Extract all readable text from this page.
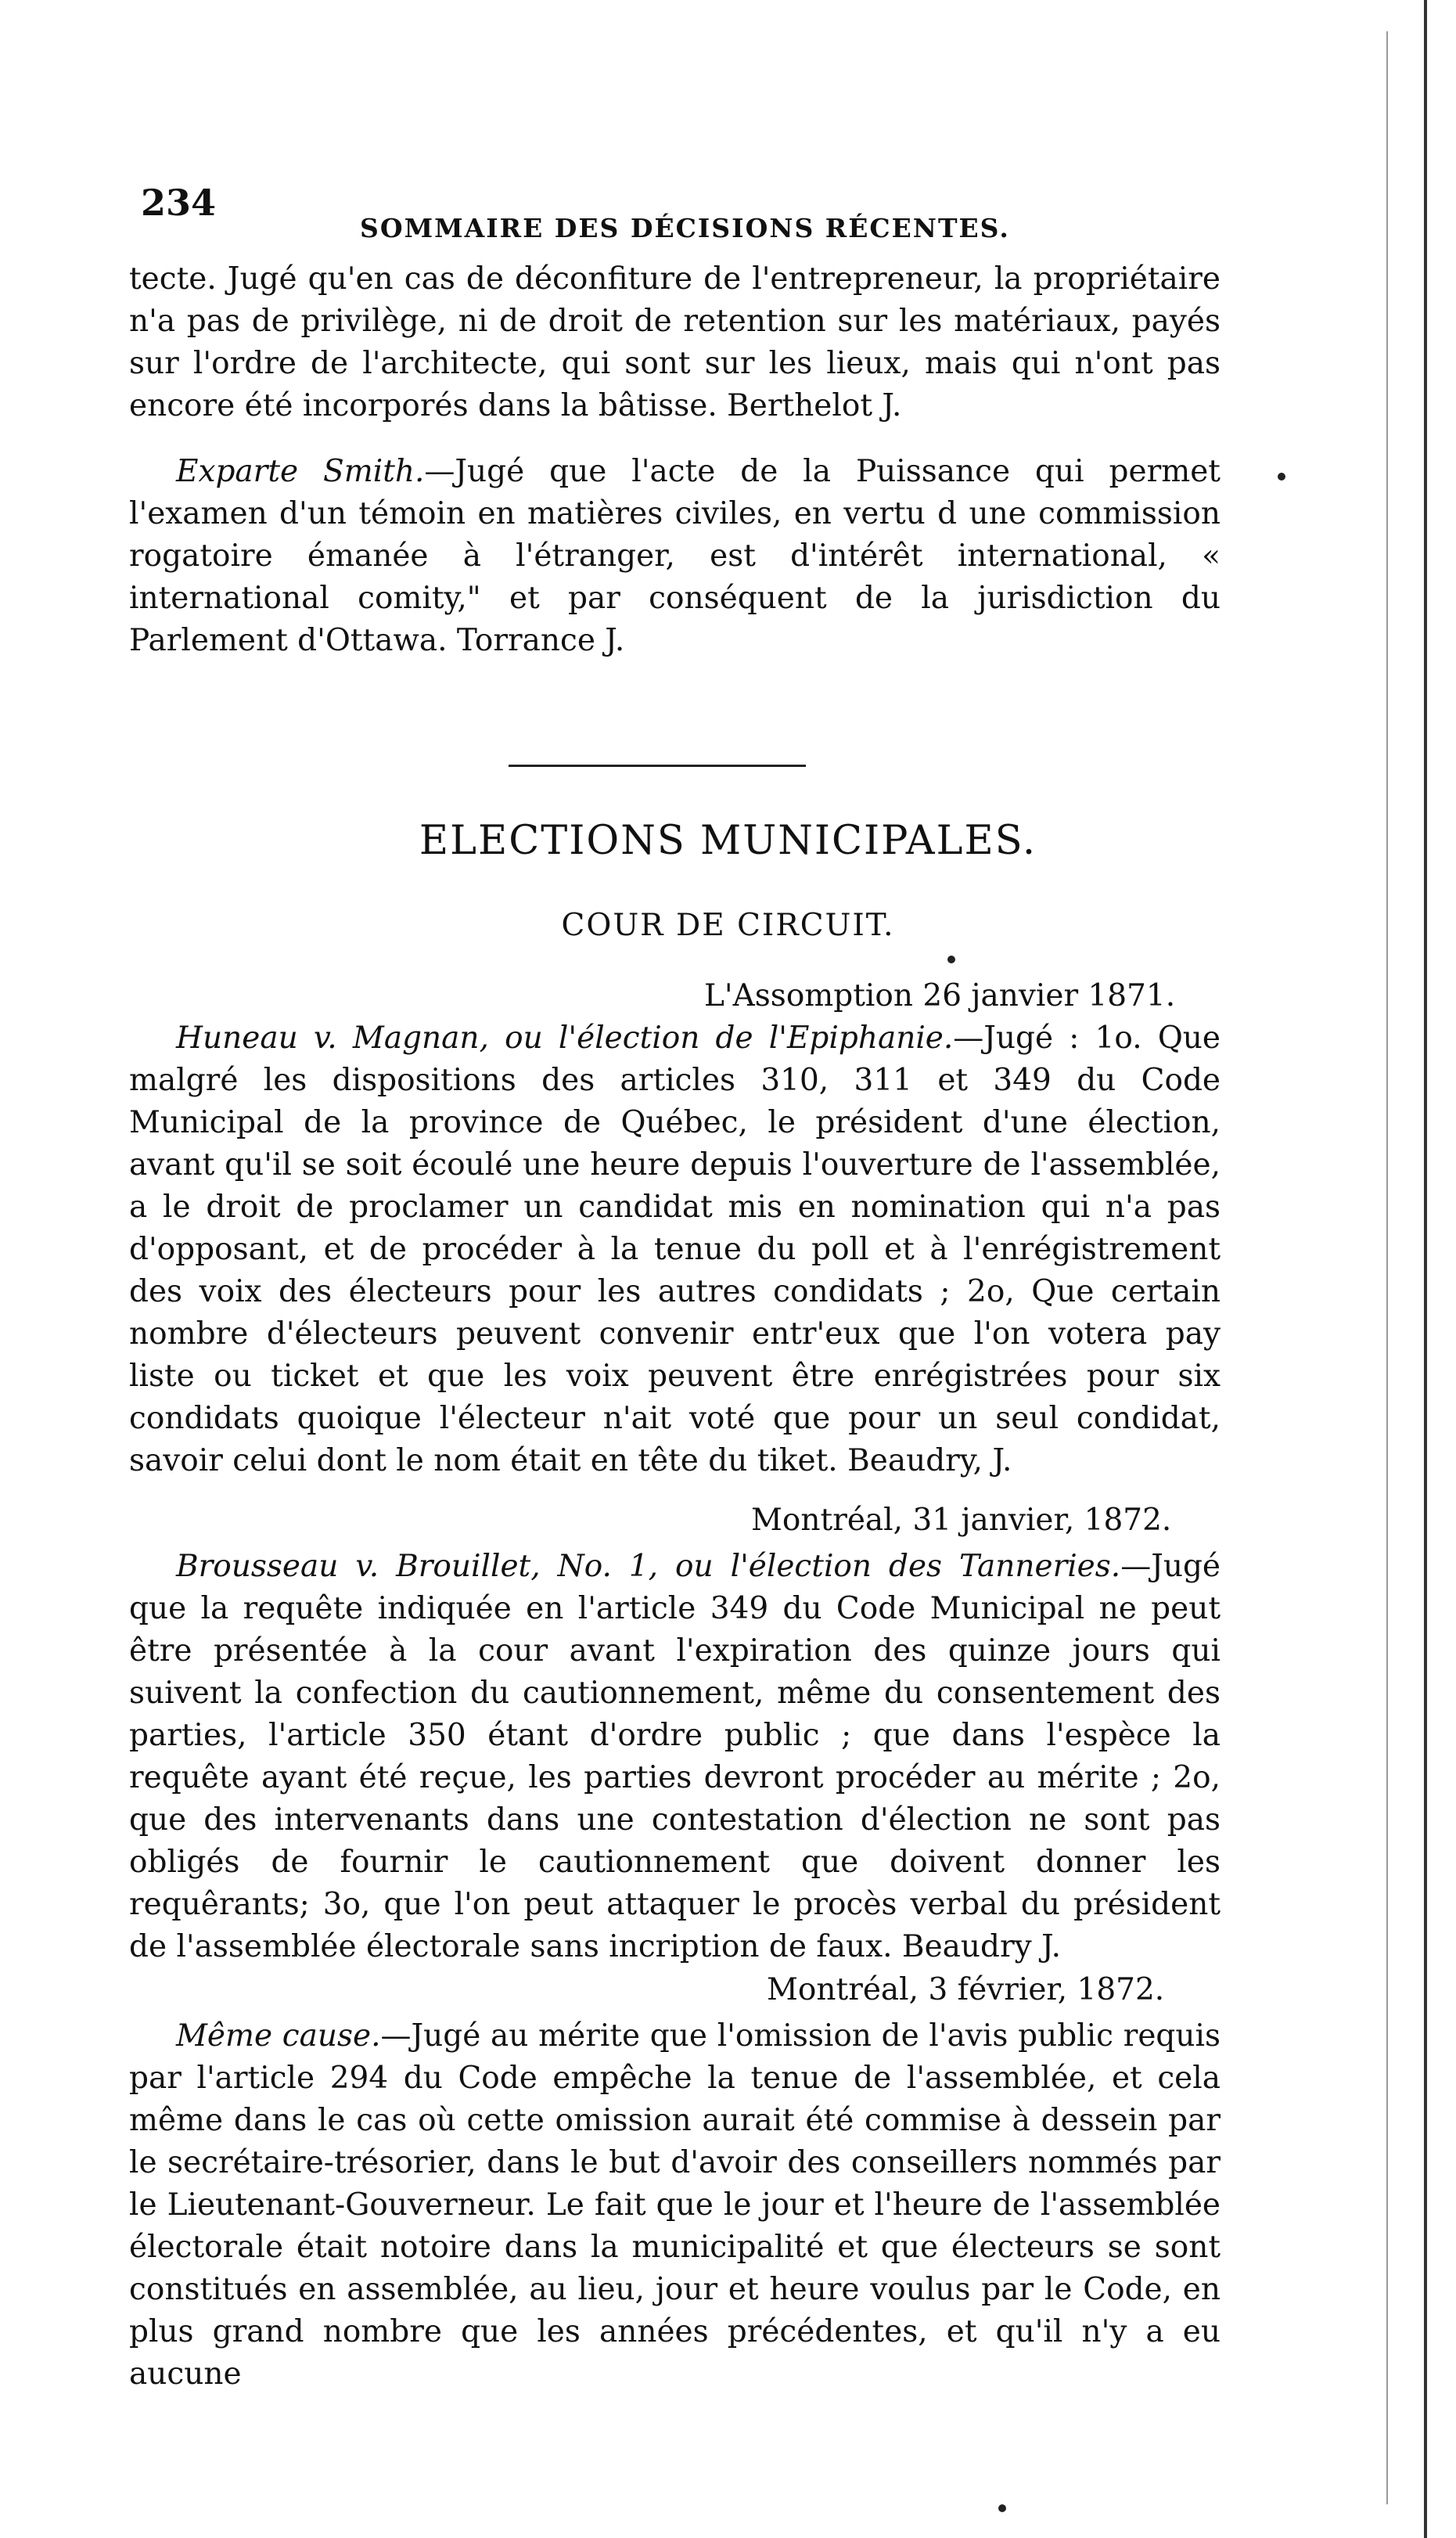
234
SOMMAIRE DES DÉCISIONS RÉCENTES.

tecte. Jugé qu'en cas de déconfiture de l'entrepreneur, la propriétaire n'a pas de privilège, ni de droit de retention sur les matériaux, payés sur l'ordre de l'architecte, qui sont sur les lieux, mais qui n'ont pas encore été incorporés dans la bâtisse. Berthelot J.

Exparte Smith.—Jugé que l'acte de la Puissance qui permet l'examen d'un témoin en matières civiles, en vertu d une commission rogatoire émanée à l'étranger, est d'intérêt international, « international comity," et par conséquent de la jurisdiction du Parlement d'Ottawa. Torrance J.

ELECTIONS MUNICIPALES.
COUR DE CIRCUIT.
L'Assomption 26 janvier 1871.

Huneau v. Magnan, ou l'élection de l'Epiphanie.—Jugé : 1o. Que malgré les dispositions des articles 310, 311 et 349 du Code Municipal de la province de Québec, le président d'une élection, avant qu'il se soit écoulé une heure depuis l'ouverture de l'assemblée, a le droit de proclamer un candidat mis en nomination qui n'a pas d'opposant, et de procéder à la tenue du poll et à l'enrégistrement des voix des électeurs pour les autres condidats ; 2o, Que certain nombre d'électeurs peuvent convenir entr'eux que l'on votera pay liste ou ticket et que les voix peuvent être enrégistrées pour six condidats quoique l'électeur n'ait voté que pour un seul condidat, savoir celui dont le nom était en tête du tiket. Beaudry, J.

Montréal, 31 janvier, 1872.

Brousseau v. Brouillet, No. 1, ou l'élection des Tanneries.—Jugé que la requête indiquée en l'article 349 du Code Municipal ne peut être présentée à la cour avant l'expiration des quinze jours qui suivent la confection du cautionnement, même du consentement des parties, l'article 350 étant d'ordre public ; que dans l'espèce la requête ayant été reçue, les parties devront procéder au mérite ; 2o, que des intervenants dans une contestation d'élection ne sont pas obligés de fournir le cautionnement que doivent donner les requêrants; 3o, que l'on peut attaquer le procès verbal du président de l'assemblée électorale sans incription de faux. Beaudry J.

Montréal, 3 février, 1872.

Même cause.—Jugé au mérite que l'omission de l'avis public requis par l'article 294 du Code empêche la tenue de l'assemblée, et cela même dans le cas où cette omission aurait été commise à dessein par le secrétaire-trésorier, dans le but d'avoir des conseillers nommés par le Lieutenant-Gouverneur. Le fait que le jour et l'heure de l'assemblée électorale était notoire dans la municipalité et que électeurs se sont constitués en assemblée, au lieu, jour et heure voulus par le Code, en plus grand nombre que les années précédentes, et qu'il n'y a eu aucune
